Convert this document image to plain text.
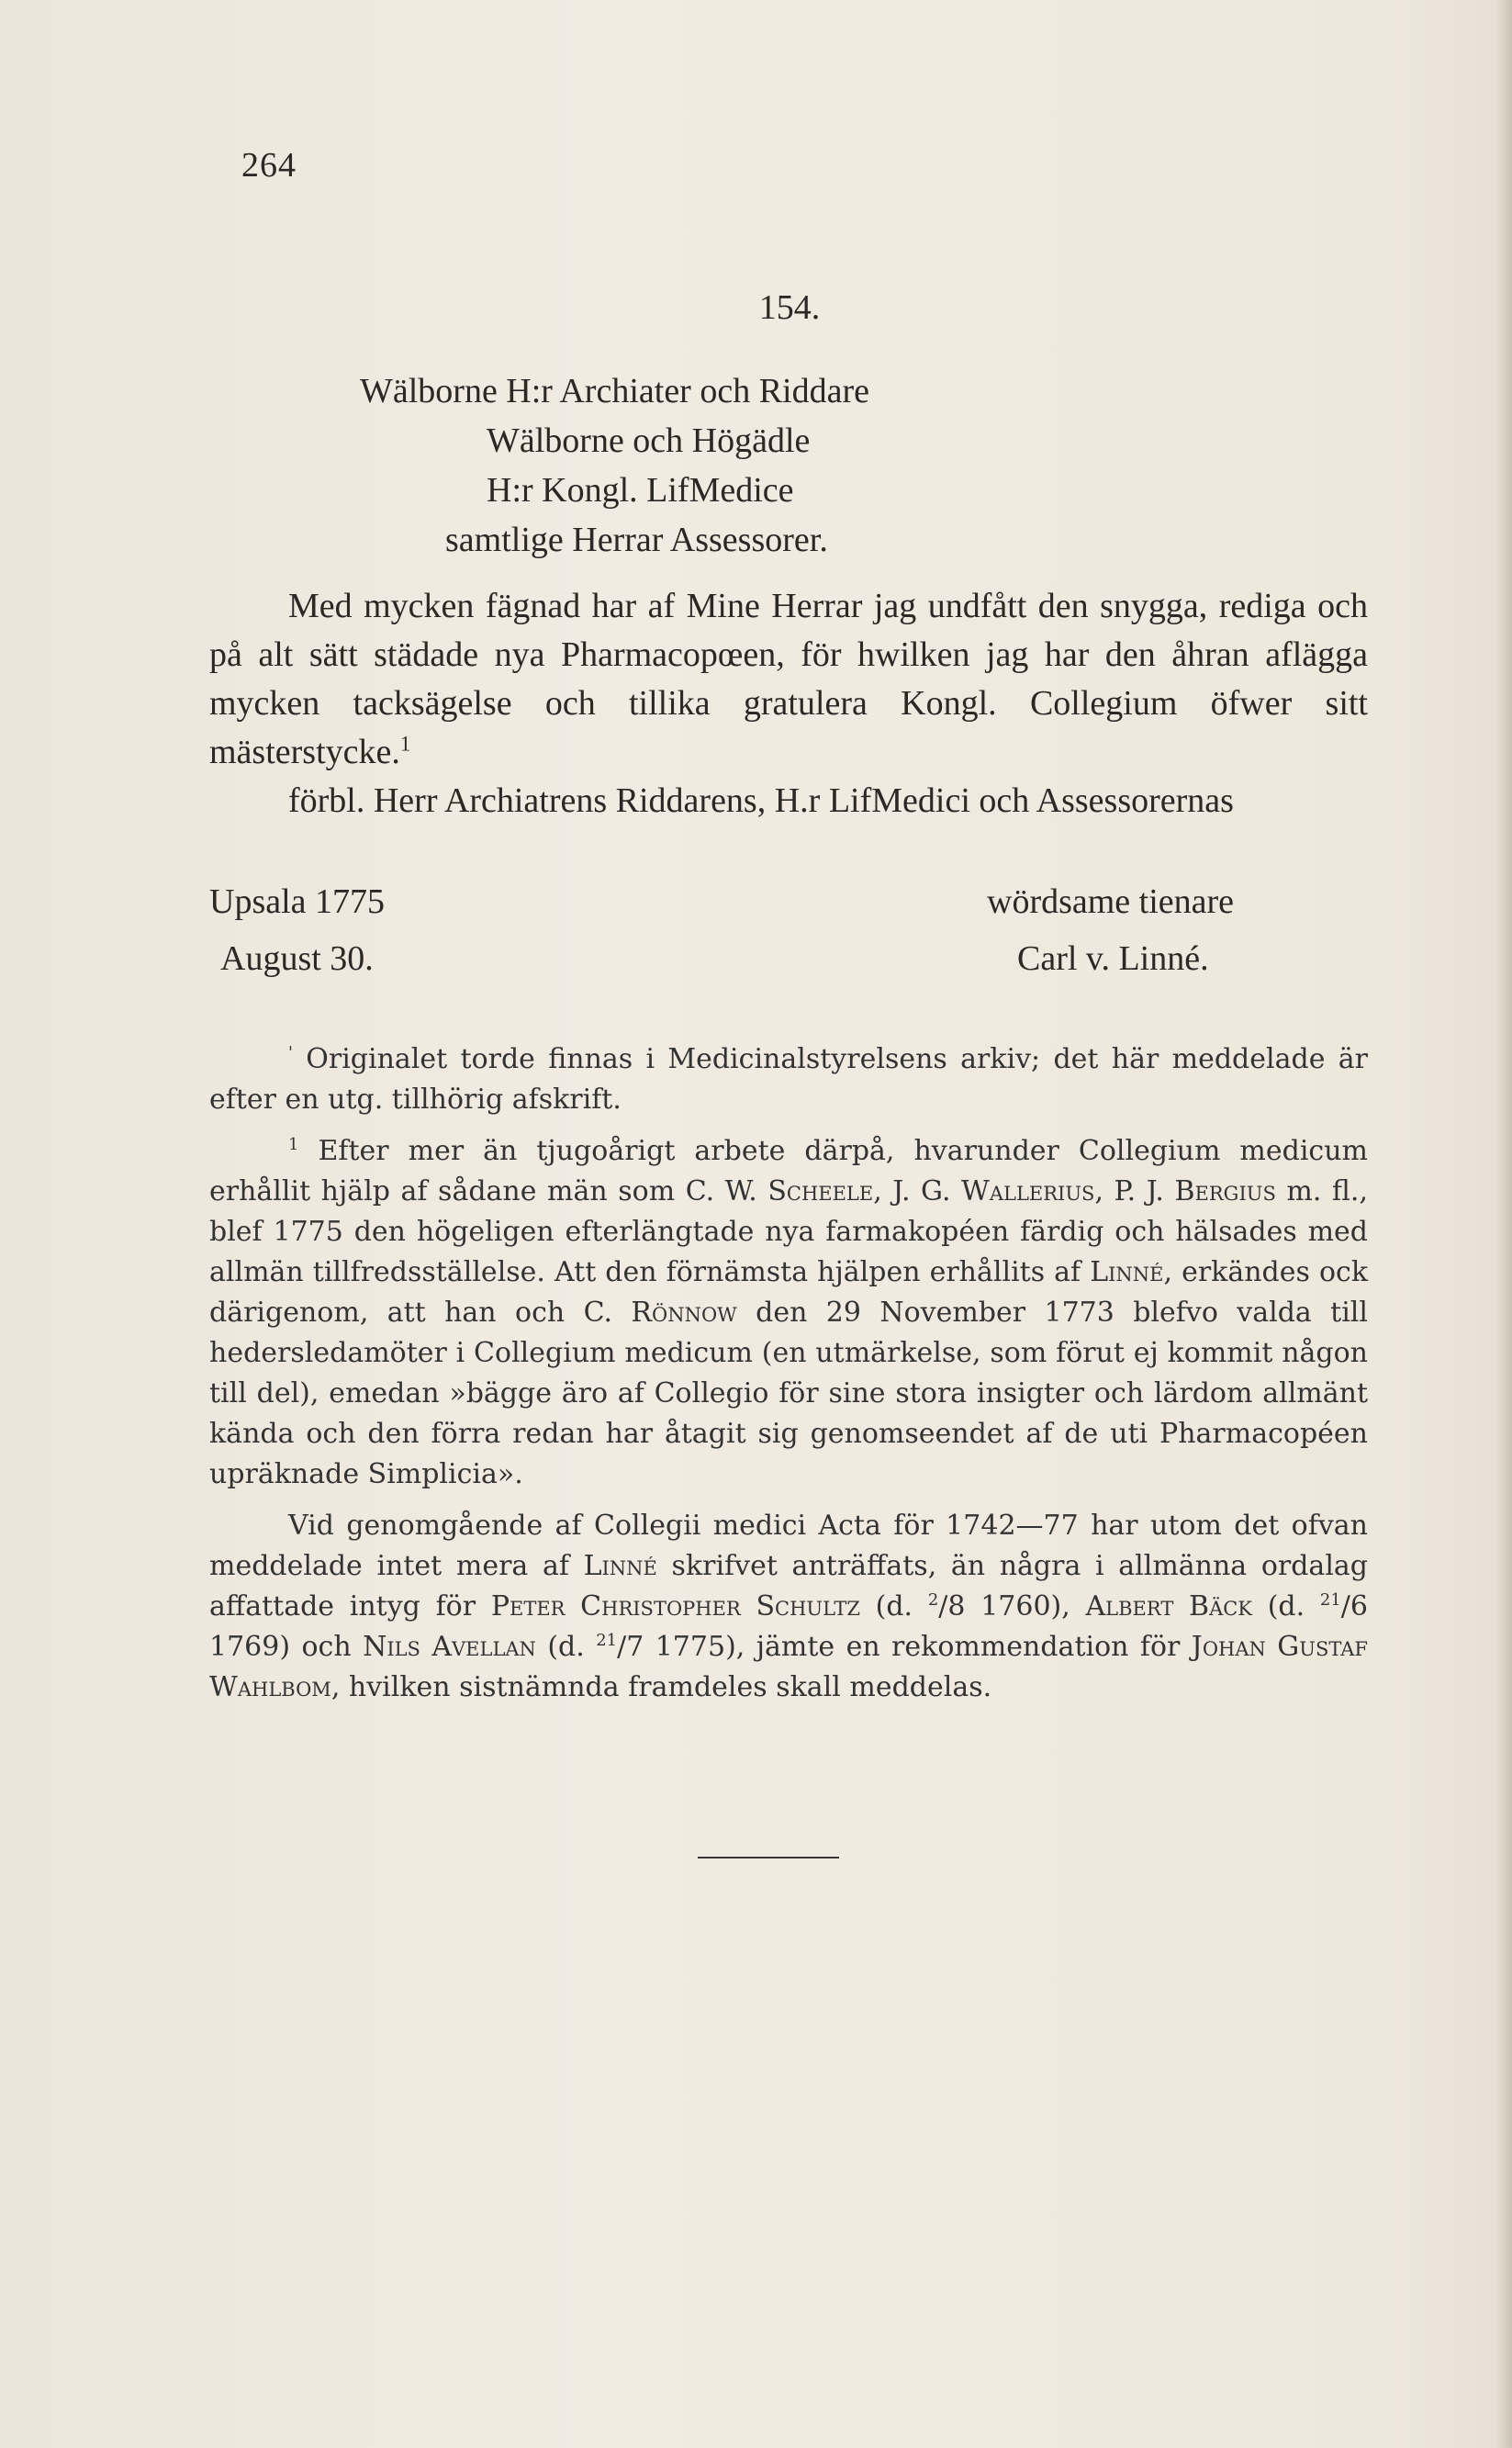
264
154.
Wälborne H:r Archiater och Riddare
Wälborne och Högädle
H:r Kongl. LifMedice
samtlige Herrar Assessorer.

Med mycken fägnad har af Mine Herrar jag undfått den snygga, rediga och på alt sätt städade nya Pharmacopœen, för hwilken jag har den åhran aflägga mycken tacksägelse och tillika gratulera Kongl. Collegium öfwer sitt mästerstycke.$^1$

förbl. Herr Archiatrens Riddarens, H.r LifMedici och Assessorernas

Upsala 1775
August 30.
wördsame tienare
Carl v. Linné.

' Originalet torde finnas i Medicinalstyrelsens arkiv; det här meddelade är efter en utg. tillhörig afskrift.

$^1$ Efter mer än tjugoårigt arbete därpå, hvarunder Collegium medicum erhållit hjälp af sådane män som C. W. Scheele, J. G. Wallerius, P. J. Bergius m. fl., blef 1775 den högeligen efterlängtade nya farmakopéen färdig och hälsades med allmän tillfredsställelse. Att den förnämsta hjälpen erhållits af Linné, erkändes ock därigenom, att han och C. Rönnow den 29 November 1773 blefvo valda till hedersledamöter i Collegium medicum (en utmärkelse, som förut ej kommit någon till del), emedan »bägge äro af Collegio för sine stora insigter och lärdom allmänt kända och den förra redan har åtagit sig genomseendet af de uti Pharmacopéen upräknade Simplicia».

Vid genomgående af Collegii medici Acta för 1742—77 har utom det ofvan meddelade intet mera af Linné skrifvet anträffats, än några i allmänna ordalag affattade intyg för Peter Christopher Schultz (d. $^2$/8 1760), Albert Bäck (d. $^{21}$/6 1769) och Nils Avellan (d. $^{21}$/7 1775), jämte en rekommendation för Johan Gustaf Wahlbom, hvilken sistnämnda framdeles skall meddelas.
